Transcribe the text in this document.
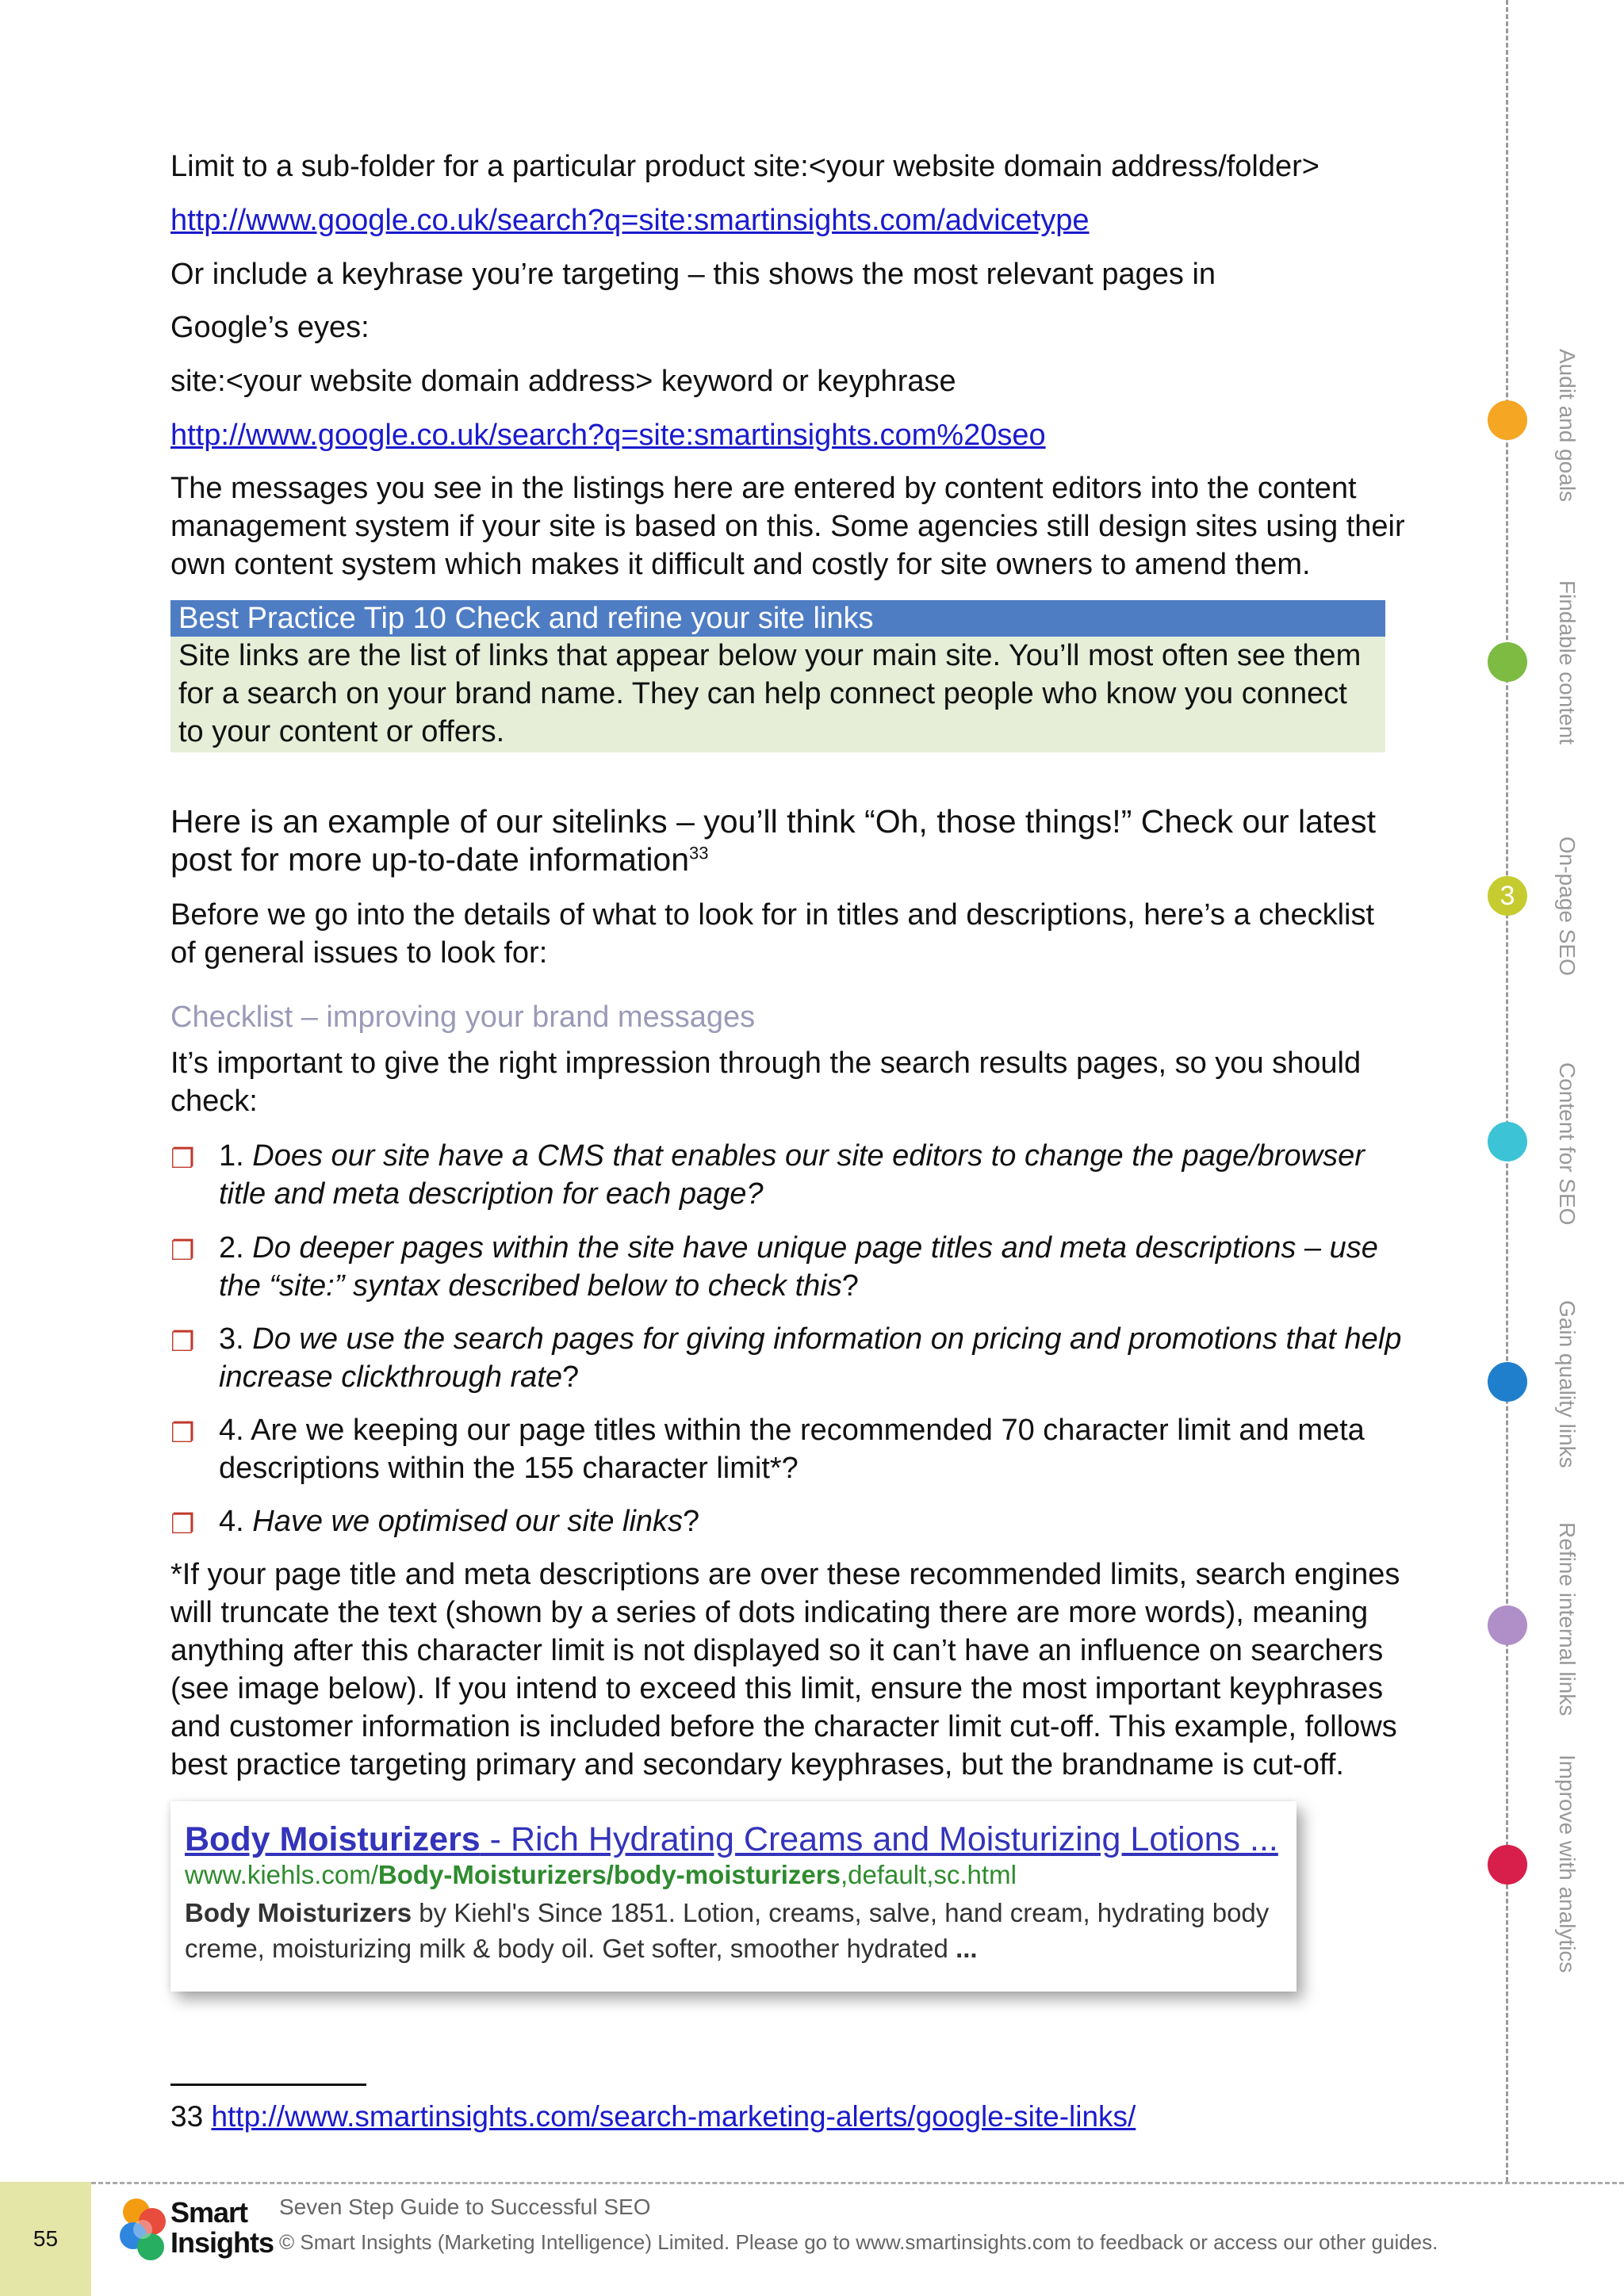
Limit to a sub-folder for a particular product site:<your website domain address/folder>

http://www.google.co.uk/search?q=site:smartinsights.com/advicetype

Or include a keyhrase you’re targeting – this shows the most relevant pages in

Google’s eyes:

site:<your website domain address> keyword or keyphrase

http://www.google.co.uk/search?q=site:smartinsights.com%20seo

The messages you see in the listings here are entered by content editors into the content management system if your site is based on this. Some agencies still design sites using their own content system which makes it difficult and costly for site owners to amend them.

Best Practice Tip 10 Check and refine your site links
Site links are the list of links that appear below your main site. You’ll most often see them for a search on your brand name. They can help connect people who know you connect to your content or offers.

Here is an example of our sitelinks – you’ll think “Oh, those things!” Check our latest post for more up-to-date information$^{33}$

Before we go into the details of what to look for in titles and descriptions, here’s a checklist of general issues to look for:

Checklist – improving your brand messages

It’s important to give the right impression through the search results pages, so you should check:

❐ 1. Does our site have a CMS that enables our site editors to change the page/browser title and meta description for each page?
❐ 2. Do deeper pages within the site have unique page titles and meta descriptions – use the “site:” syntax described below to check this?
❐ 3. Do we use the search pages for giving information on pricing and promotions that help increase clickthrough rate?
❐ 4. Are we keeping our page titles within the recommended 70 character limit and meta descriptions within the 155 character limit*?
❐ 4. Have we optimised our site links?

*If your page title and meta descriptions are over these recommended limits, search engines will truncate the text (shown by a series of dots indicating there are more words), meaning anything after this character limit is not displayed so it can’t have an influence on searchers (see image below). If you intend to exceed this limit, ensure the most important keyphrases and customer information is included before the character limit cut-off. This example, follows best practice targeting primary and secondary keyphrases, but the brandname is cut-off.

Body Moisturizers - Rich Hydrating Creams and Moisturizing Lotions ...
www.kiehls.com/Body-Moisturizers/body-moisturizers,default,sc.html
Body Moisturizers by Kiehl's Since 1851. Lotion, creams, salve, hand cream, hydrating body creme, moisturizing milk & body oil. Get softer, smoother hydrated ...
33 http://www.smartinsights.com/search-marketing-alerts/google-site-links/
3
Audit and goals
Findable content
On-page SEO
Content for SEO
Gain quality links
Refine internal links
Improve with analytics
55
Smart
Insights
Seven Step Guide to Successful SEO
© Smart Insights (Marketing Intelligence) Limited. Please go to www.smartinsights.com to feedback or access our other guides.
